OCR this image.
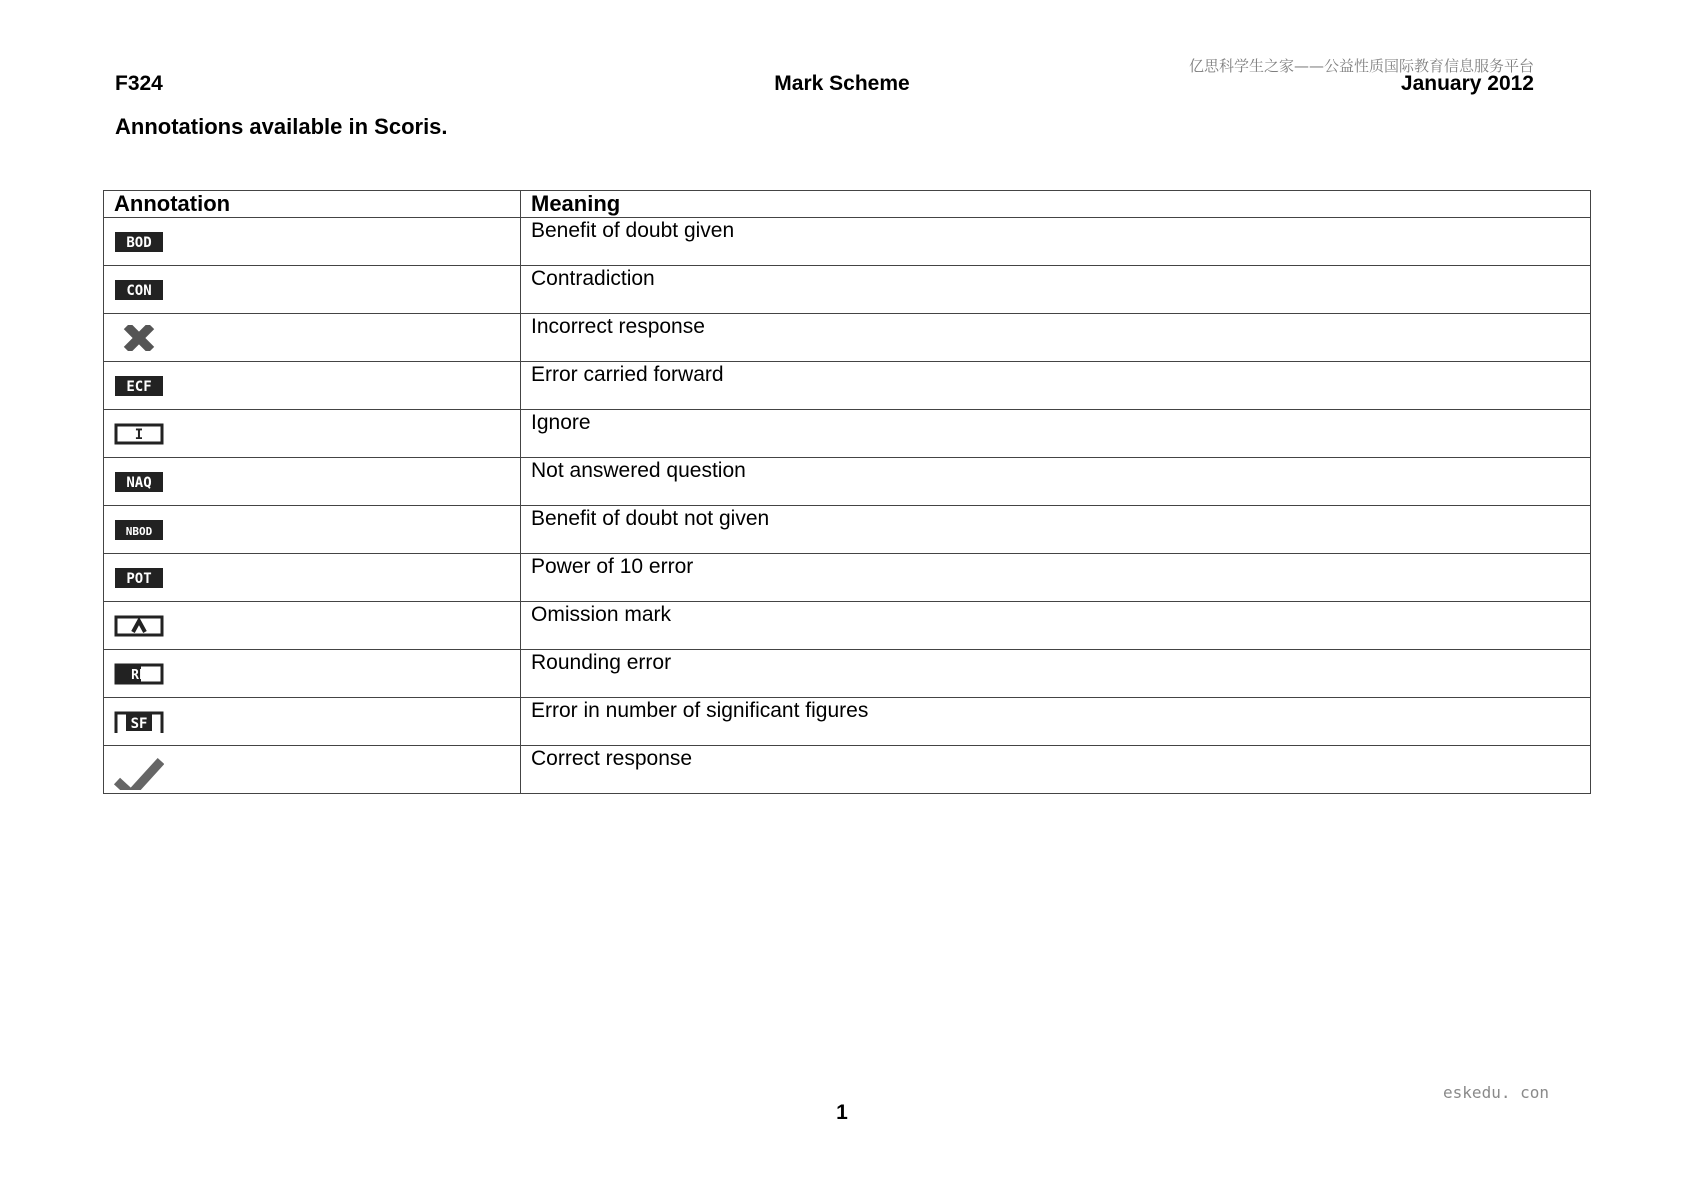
亿思科学生之家——公益性质国际教育信息服务平台
F324	Mark Scheme	January 2012
Annotations available in Scoris.
Annotation	Meaning

BOD	Benefit of doubt given

CON	Contradiction

	Incorrect response

ECF	Error carried forward

I	Ignore

NAQ	Not answered question

NBOD	Benefit of doubt not given

POT	Power of 10 error

	Omission mark

RE	Rounding error

SF	Error in number of significant figures

	Correct response
eskedu. con
1
